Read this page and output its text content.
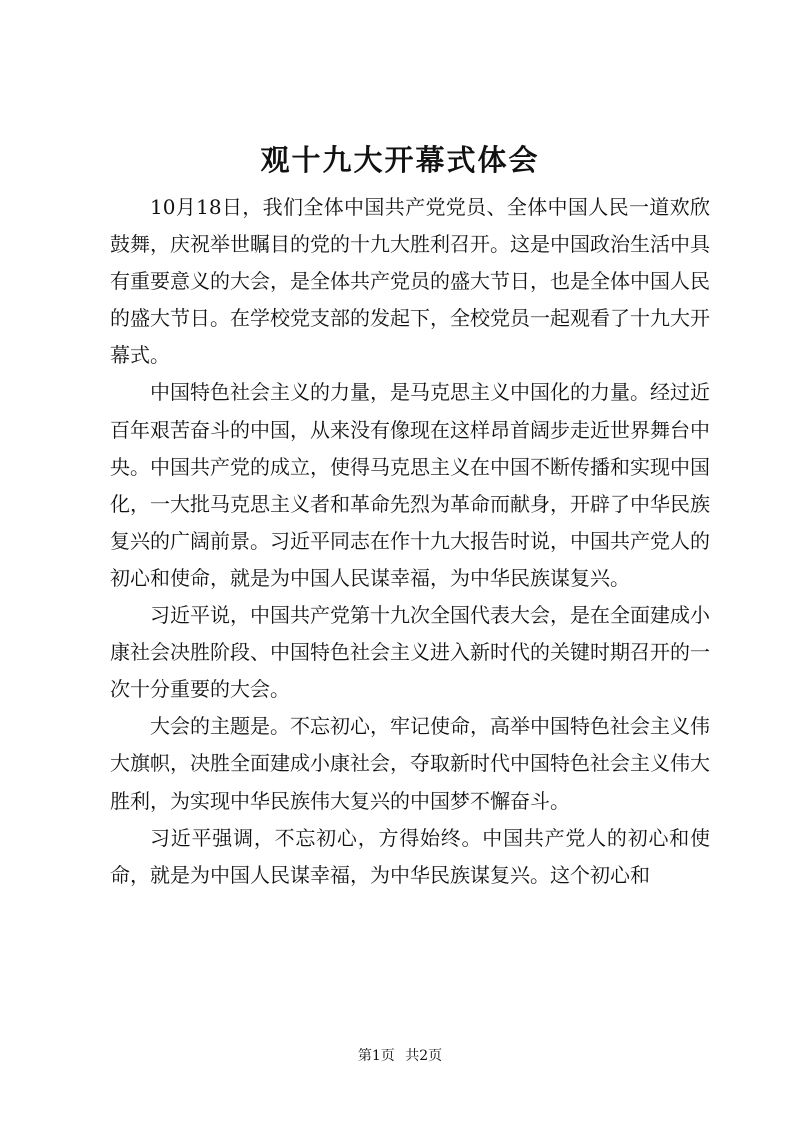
观十九大开幕式体会

10月18日，我们全体中国共产党党员、全体中国人民一道欢欣鼓舞，庆祝举世瞩目的党的十九大胜利召开。这是中国政治生活中具有重要意义的大会，是全体共产党员的盛大节日，也是全体中国人民的盛大节日。在学校党支部的发起下，全校党员一起观看了十九大开幕式。

中国特色社会主义的力量，是马克思主义中国化的力量。经过近百年艰苦奋斗的中国，从来没有像现在这样昂首阔步走近世界舞台中央。中国共产党的成立，使得马克思主义在中国不断传播和实现中国化，一大批马克思主义者和革命先烈为革命而献身，开辟了中华民族复兴的广阔前景。习近平同志在作十九大报告时说，中国共产党人的初心和使命，就是为中国人民谋幸福，为中华民族谋复兴。

习近平说，中国共产党第十九次全国代表大会，是在全面建成小康社会决胜阶段、中国特色社会主义进入新时代的关键时期召开的一次十分重要的大会。

大会的主题是。不忘初心，牢记使命，高举中国特色社会主义伟大旗帜，决胜全面建成小康社会，夺取新时代中国特色社会主义伟大胜利，为实现中华民族伟大复兴的中国梦不懈奋斗。

习近平强调，不忘初心，方得始终。中国共产党人的初心和使命，就是为中国人民谋幸福，为中华民族谋复兴。这个初心和

第1页 共2页
